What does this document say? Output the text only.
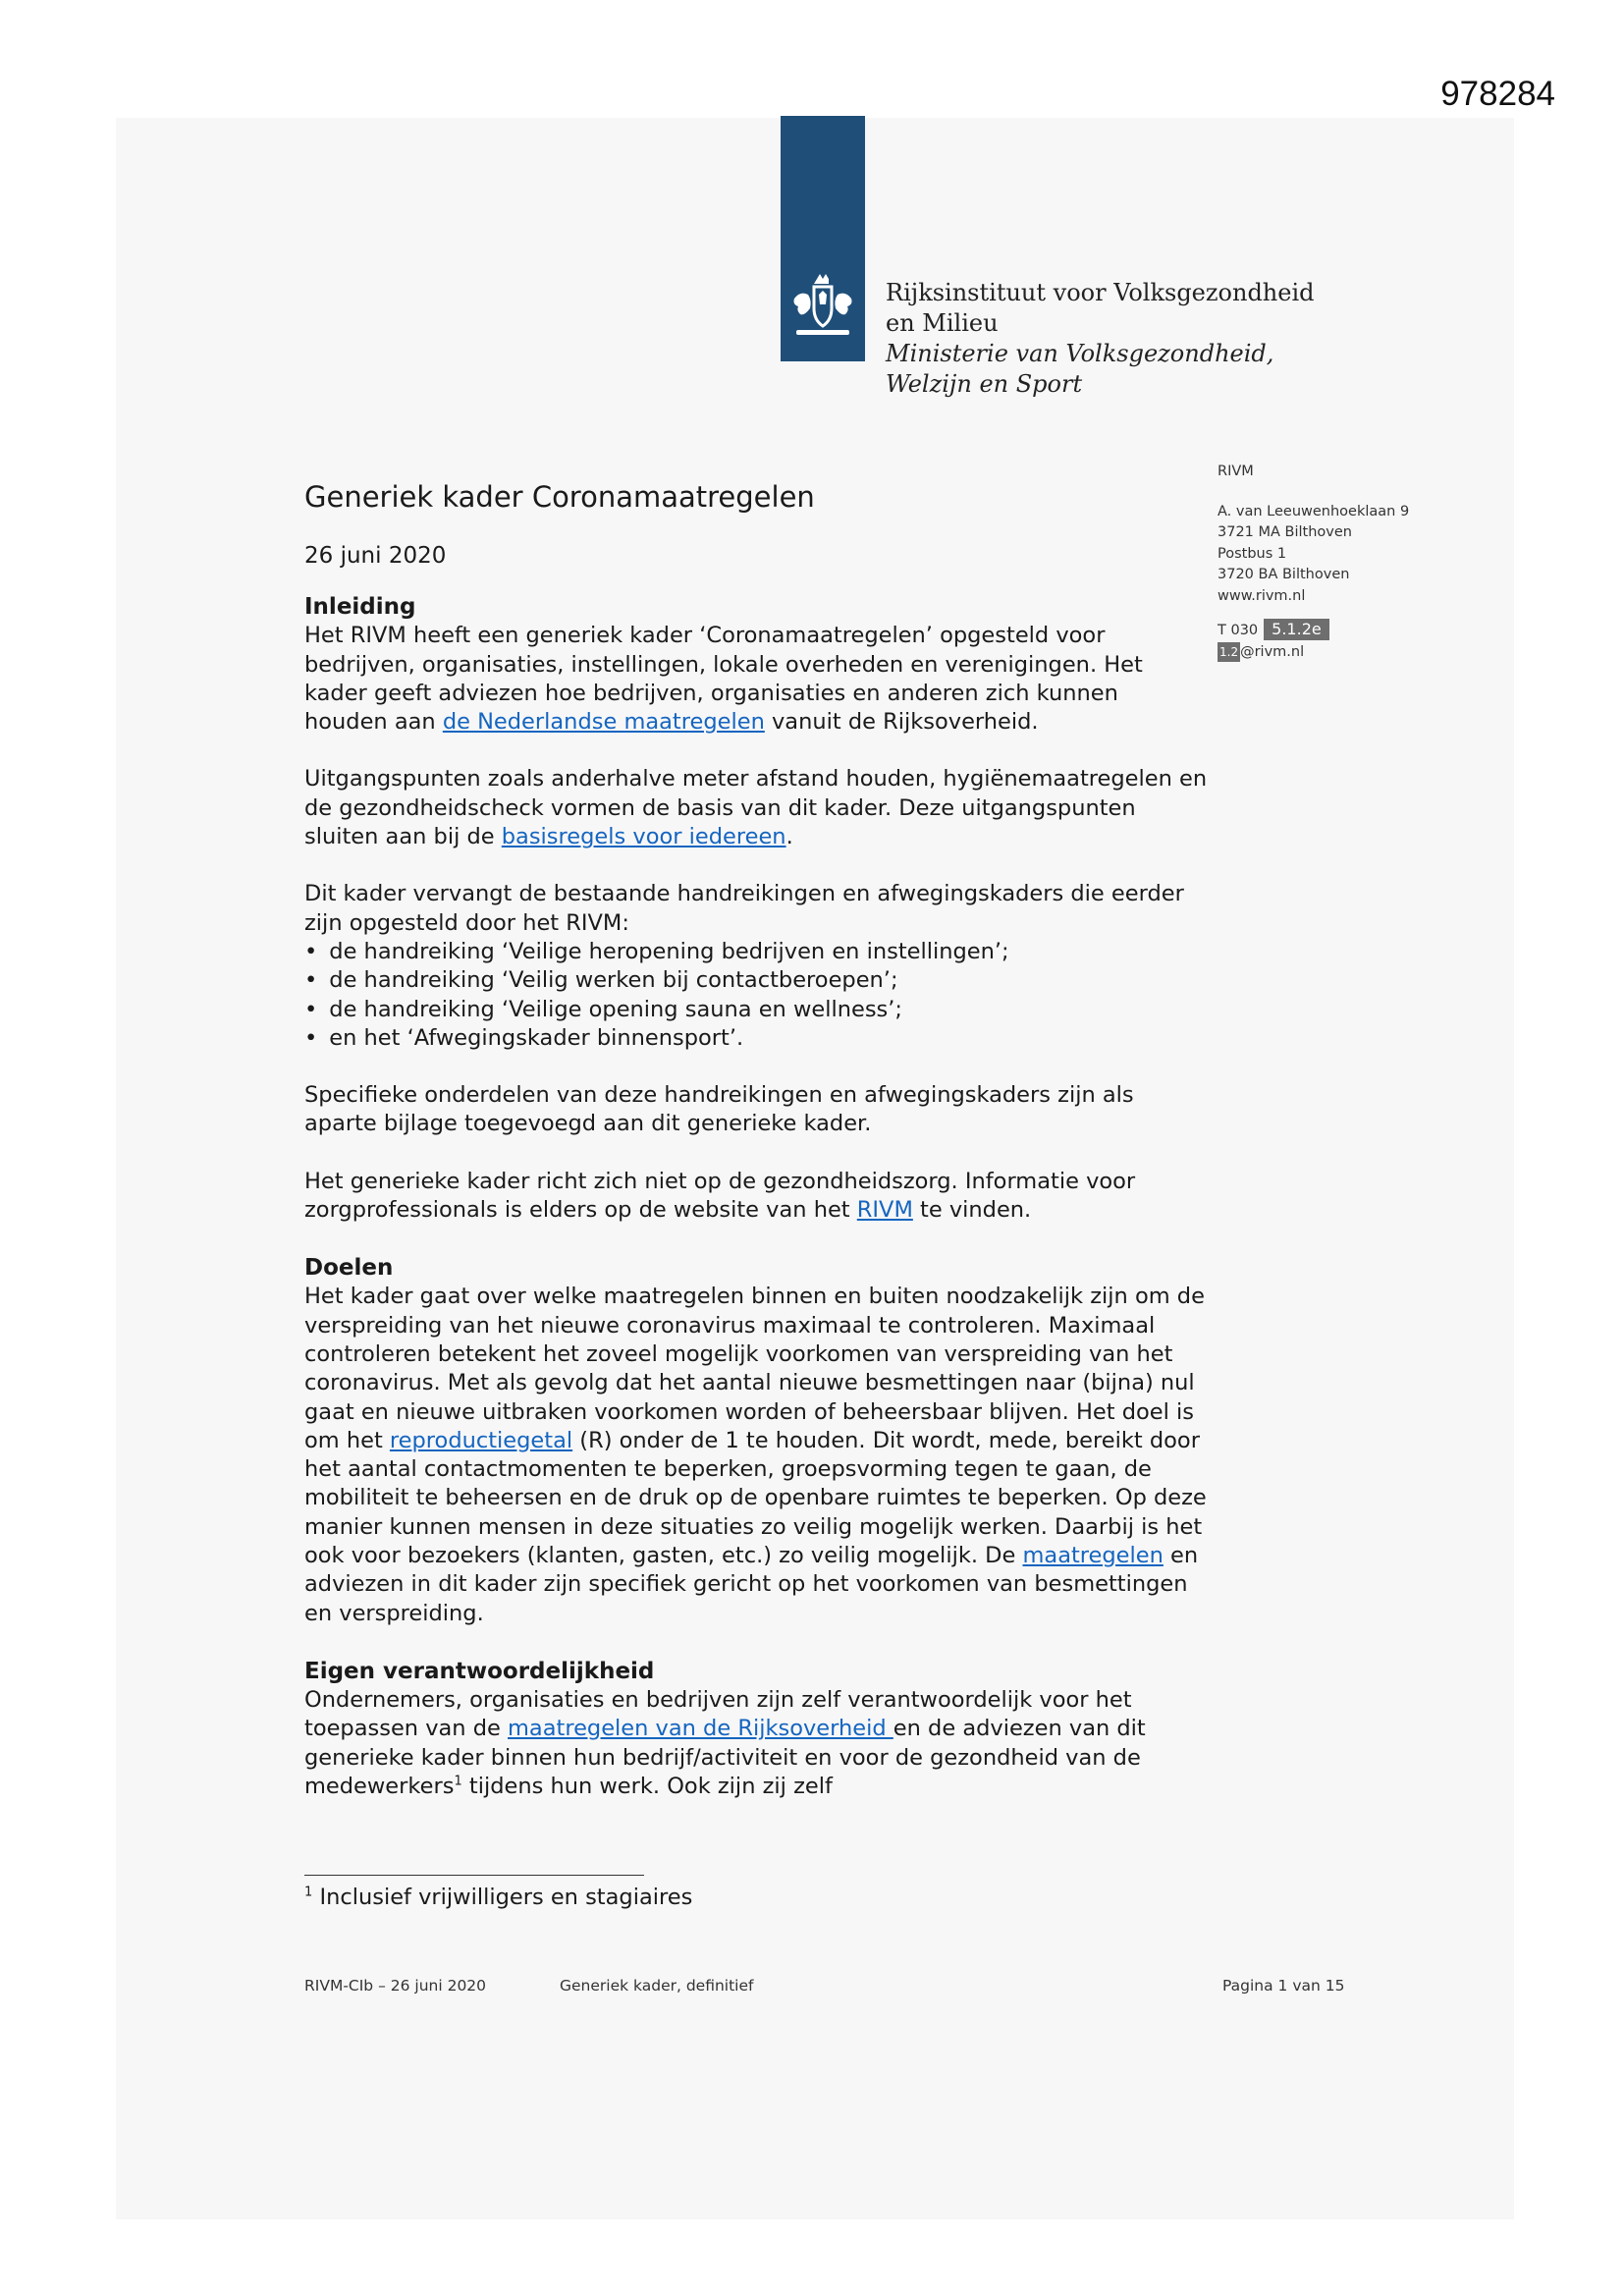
978284
Rijksinstituut voor Volksgezondheid
en Milieu
Ministerie van Volksgezondheid,
Welzijn en Sport
RIVM
A. van Leeuwenhoeklaan 9
3721 MA Bilthoven
Postbus 1
3720 BA Bilthoven
www.rivm.nl
T 030 5.1.2e
1.2 @rivm.nl
Generiek kader Coronamaatregelen
26 juni 2020
Inleiding

Het RIVM heeft een generiek kader ‘Coronamaatregelen’ opgesteld voor bedrijven, organisaties, instellingen, lokale overheden en verenigingen. Het kader geeft adviezen hoe bedrijven, organisaties en anderen zich kunnen houden aan de Nederlandse maatregelen vanuit de Rijksoverheid.

Uitgangspunten zoals anderhalve meter afstand houden, hygiënemaatregelen en de gezondheidscheck vormen de basis van dit kader. Deze uitgangspunten sluiten aan bij de basisregels voor iedereen.

Dit kader vervangt de bestaande handreikingen en afwegingskaders die eerder zijn opgesteld door het RIVM:
• de handreiking ‘Veilige heropening bedrijven en instellingen’;
• de handreiking ‘Veilig werken bij contactberoepen’;
• de handreiking ‘Veilige opening sauna en wellness’;
• en het ‘Afwegingskader binnensport’.

Specifieke onderdelen van deze handreikingen en afwegingskaders zijn als aparte bijlage toegevoegd aan dit generieke kader.

Het generieke kader richt zich niet op de gezondheidszorg. Informatie voor zorgprofessionals is elders op de website van het RIVM te vinden.

Doelen

Het kader gaat over welke maatregelen binnen en buiten noodzakelijk zijn om de verspreiding van het nieuwe coronavirus maximaal te controleren. Maximaal controleren betekent het zoveel mogelijk voorkomen van verspreiding van het coronavirus. Met als gevolg dat het aantal nieuwe besmettingen naar (bijna) nul gaat en nieuwe uitbraken voorkomen worden of beheersbaar blijven. Het doel is om het reproductiegetal (R) onder de 1 te houden. Dit wordt, mede, bereikt door het aantal contactmomenten te beperken, groepsvorming tegen te gaan, de mobiliteit te beheersen en de druk op de openbare ruimtes te beperken. Op deze manier kunnen mensen in deze situaties zo veilig mogelijk werken. Daarbij is het ook voor bezoekers (klanten, gasten, etc.) zo veilig mogelijk. De maatregelen en adviezen in dit kader zijn specifiek gericht op het voorkomen van besmettingen en verspreiding.

Eigen verantwoordelijkheid

Ondernemers, organisaties en bedrijven zijn zelf verantwoordelijk voor het toepassen van de maatregelen van de Rijksoverheid en de adviezen van dit generieke kader binnen hun bedrijf/activiteit en voor de gezondheid van de medewerkers$^1$ tijdens hun werk. Ook zijn zij zelf

$^1$ Inclusief vrijwilligers en stagiaires
RIVM-CIb – 26 juni 2020	Generiek kader, definitief	Pagina 1 van 15
